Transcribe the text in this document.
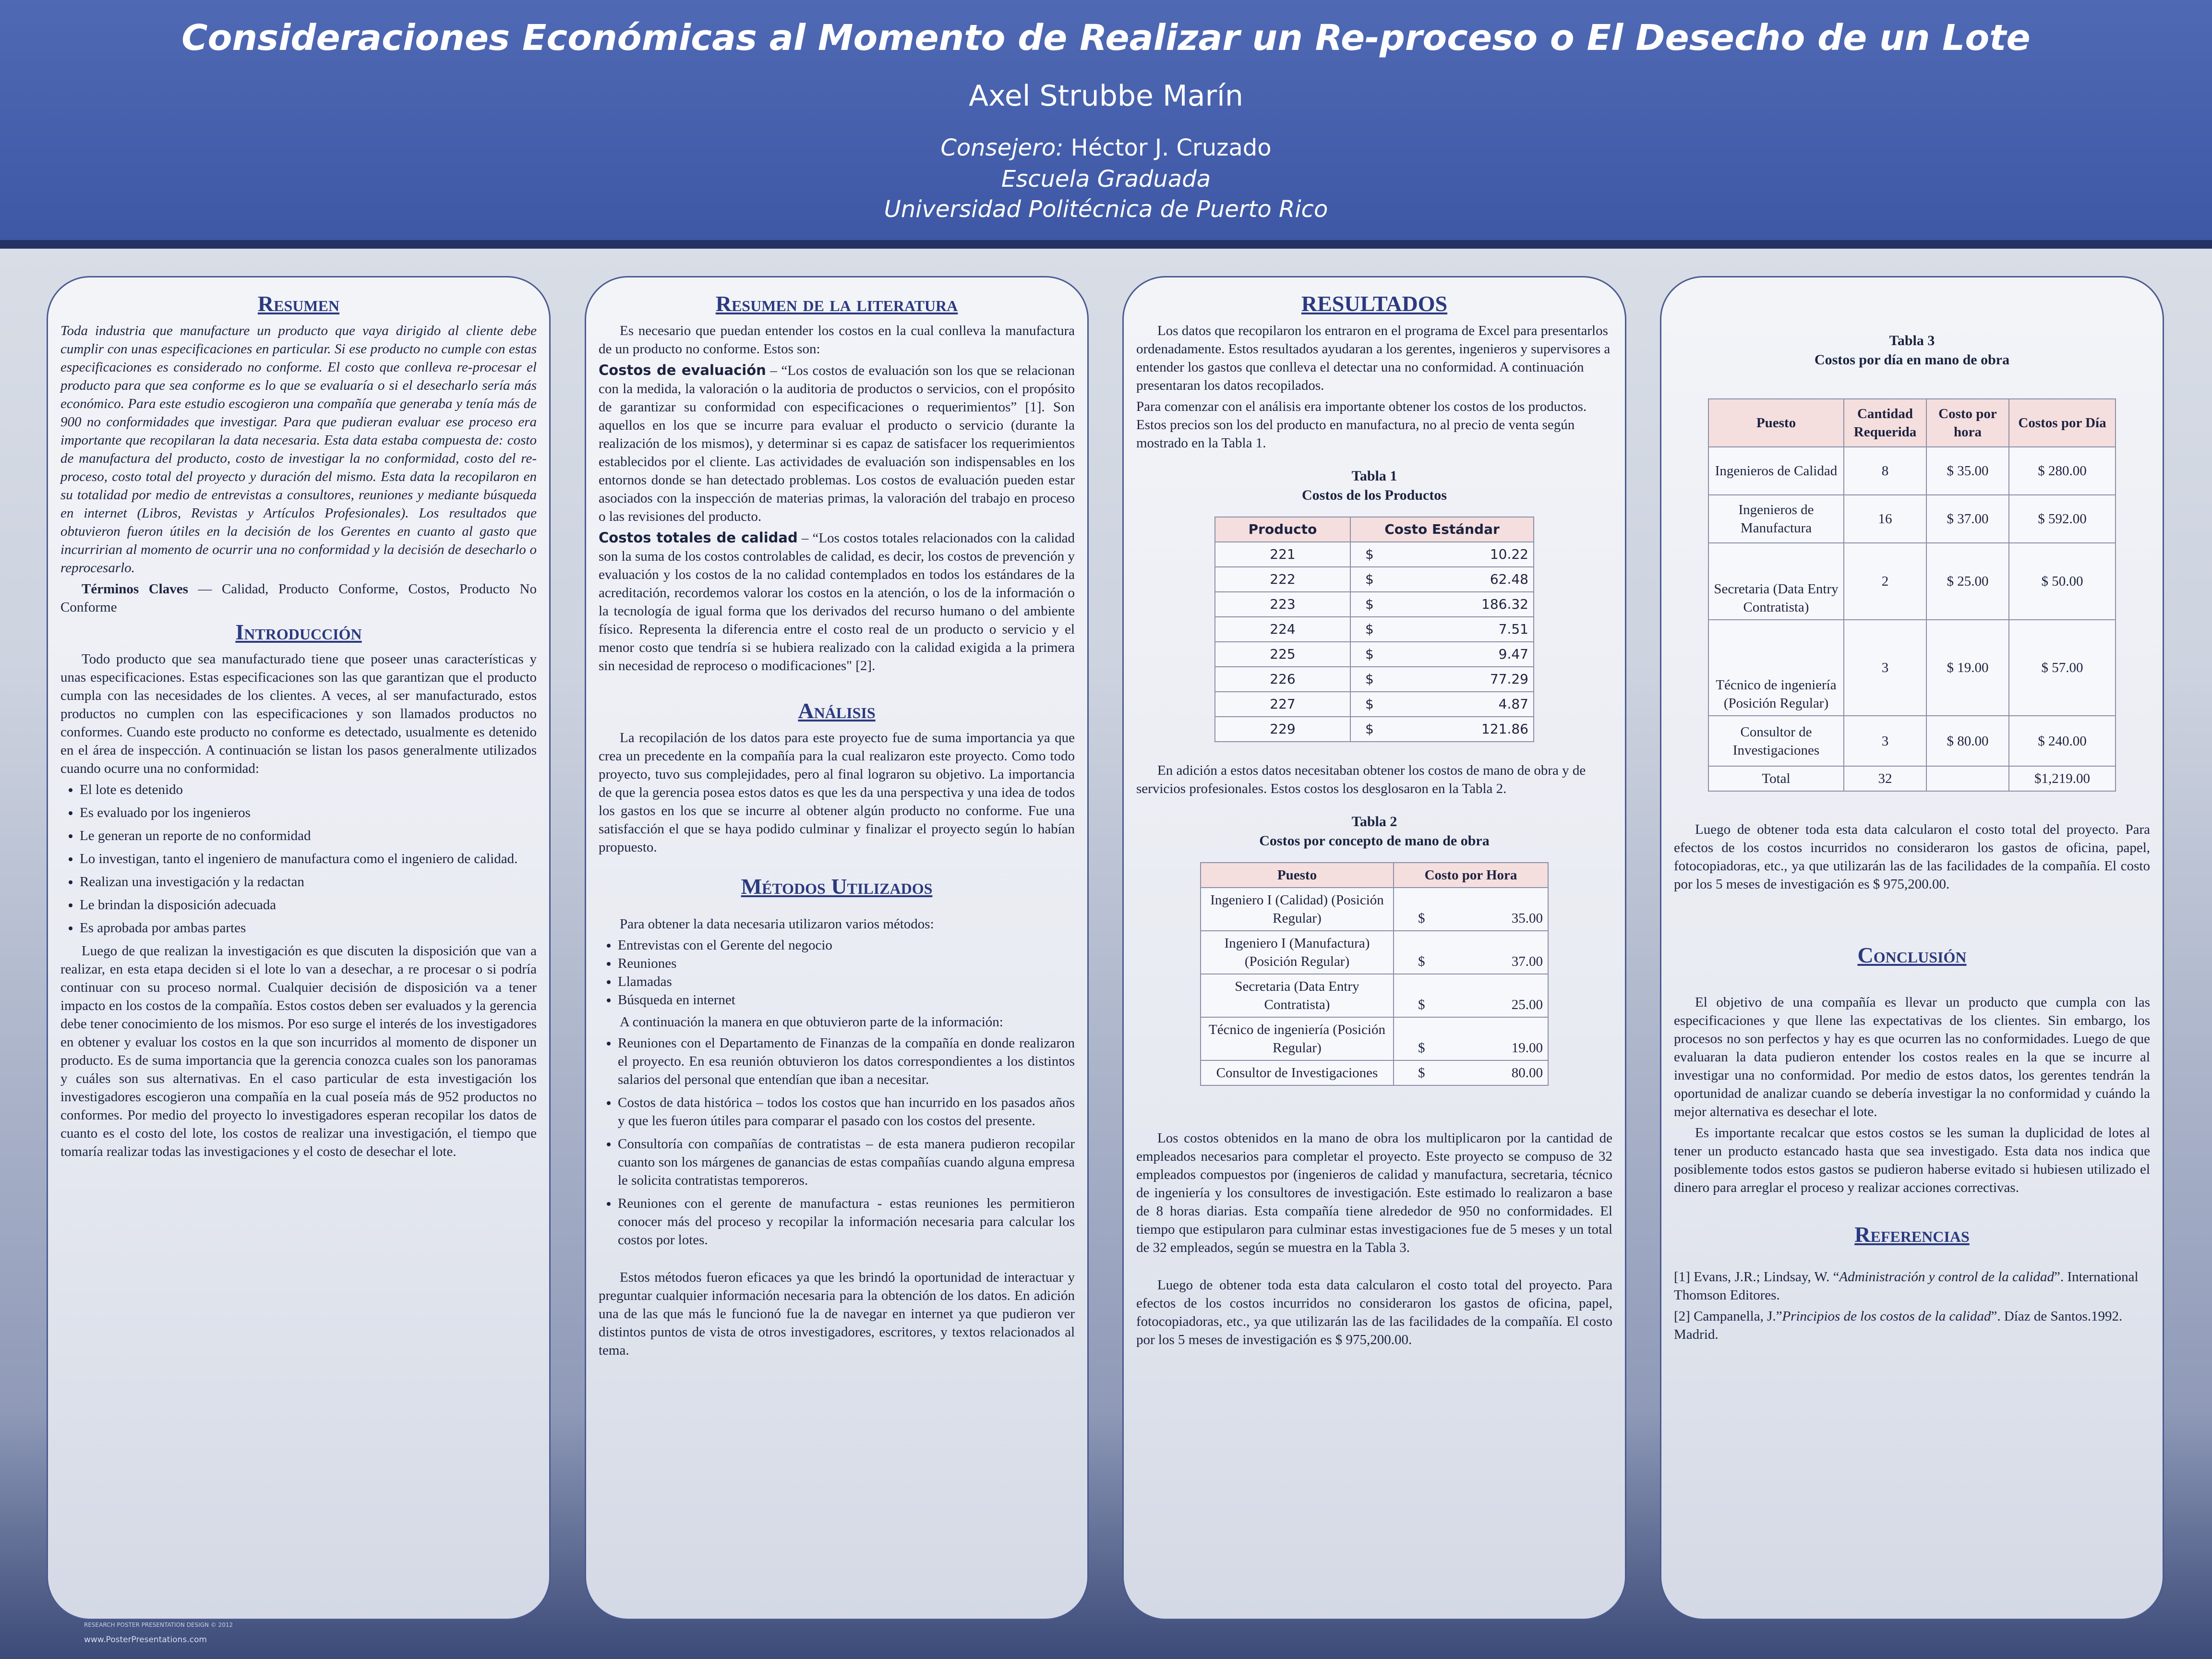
Consideraciones Económicas al Momento de Realizar un Re-proceso o El Desecho de un Lote
Axel Strubbe Marín
Consejero: Héctor J. Cruzado
Escuela Graduada
Universidad Politécnica de Puerto Rico
Resumen

Toda industria que manufacture un producto que vaya dirigido al cliente debe cumplir con unas especificaciones en particular. Si ese producto no cumple con estas especificaciones es considerado no conforme. El costo que conlleva re-procesar el producto para que sea conforme es lo que se evaluaría o si el desecharlo sería más económico. Para este estudio escogieron una compañía que generaba y tenía más de 900 no conformidades que investigar. Para que pudieran evaluar ese proceso era importante que recopilaran la data necesaria. Esta data estaba compuesta de: costo de manufactura del producto, costo de investigar la no conformidad, costo del re- proceso, costo total del proyecto y duración del mismo. Esta data la recopilaron en su totalidad por medio de entrevistas a consultores, reuniones y mediante búsqueda en internet (Libros, Revistas y Artículos Profesionales). Los resultados que obtuvieron fueron útiles en la decisión de los Gerentes en cuanto al gasto que incurririan al momento de ocurrir una no conformidad y la decisión de desecharlo o reprocesarlo.

Términos Claves — Calidad, Producto Conforme, Costos, Producto No Conforme

Introducción

Todo producto que sea manufacturado tiene que poseer unas características y unas especificaciones. Estas especificaciones son las que garantizan que el producto cumpla con las necesidades de los clientes. A veces, al ser manufacturado, estos productos no cumplen con las especificaciones y son llamados productos no conformes. Cuando este producto no conforme es detectado, usualmente es detenido en el área de inspección. A continuación se listan los pasos generalmente utilizados cuando ocurre una no conformidad:

• El lote es detenido
• Es evaluado por los ingenieros
• Le generan un reporte de no conformidad
• Lo investigan, tanto el ingeniero de manufactura como el ingeniero de calidad.
• Realizan una investigación y la redactan
• Le brindan la disposición adecuada
• Es aprobada por ambas partes

Luego de que realizan la investigación es que discuten la disposición que van a realizar, en esta etapa deciden si el lote lo van a desechar, a re procesar o si podría continuar con su proceso normal. Cualquier decisión de disposición va a tener impacto en los costos de la compañía. Estos costos deben ser evaluados y la gerencia debe tener conocimiento de los mismos. Por eso surge el interés de los investigadores en obtener y evaluar los costos en la que son incurridos al momento de disponer un producto. Es de suma importancia que la gerencia conozca cuales son los panoramas y cuáles son sus alternativas. En el caso particular de esta investigación los investigadores escogieron una compañía en la cual poseía más de 952 productos no conformes. Por medio del proyecto lo investigadores esperan recopilar los datos de cuanto es el costo del lote, los costos de realizar una investigación, el tiempo que tomaría realizar todas las investigaciones y el costo de desechar el lote.

Resumen de la literatura

Es necesario que puedan entender los costos en la cual conlleva la manufactura de un producto no conforme. Estos son:

Costos de evaluación – “Los costos de evaluación son los que se relacionan con la medida, la valoración o la auditoria de productos o servicios, con el propósito de garantizar su conformidad con especificaciones o requerimientos” [1]. Son aquellos en los que se incurre para evaluar el producto o servicio (durante la realización de los mismos), y determinar si es capaz de satisfacer los requerimientos establecidos por el cliente. Las actividades de evaluación son indispensables en los entornos donde se han detectado problemas. Los costos de evaluación pueden estar asociados con la inspección de materias primas, la valoración del trabajo en proceso o las revisiones del producto.

Costos totales de calidad – “Los costos totales relacionados con la calidad son la suma de los costos controlables de calidad, es decir, los costos de prevención y evaluación y los costos de la no calidad contemplados en todos los estándares de la acreditación, recordemos valorar los costos en la atención, o los de la información o la tecnología de igual forma que los derivados del recurso humano o del ambiente físico. Representa la diferencia entre el costo real de un producto o servicio y el menor costo que tendría si se hubiera realizado con la calidad exigida a la primera sin necesidad de reproceso o modificaciones" [2].

Análisis

La recopilación de los datos para este proyecto fue de suma importancia ya que crea un precedente en la compañía para la cual realizaron este proyecto. Como todo proyecto, tuvo sus complejidades, pero al final lograron su objetivo. La importancia de que la gerencia posea estos datos es que les da una perspectiva y una idea de todos los gastos en los que se incurre al obtener algún producto no conforme. Fue una satisfacción el que se haya podido culminar y finalizar el proyecto según lo habían propuesto.

Métodos Utilizados

Para obtener la data necesaria utilizaron varios métodos:

• Entrevistas con el Gerente del negocio
• Reuniones
• Llamadas
• Búsqueda en internet

A continuación la manera en que obtuvieron parte de la información:

• Reuniones con el Departamento de Finanzas de la compañía en donde realizaron el proyecto. En esa reunión obtuvieron los datos correspondientes a los distintos salarios del personal que entendían que iban a necesitar.
• Costos de data histórica – todos los costos que han incurrido en los pasados años y que les fueron útiles para comparar el pasado con los costos del presente.
• Consultoría con compañías de contratistas – de esta manera pudieron recopilar cuanto son los márgenes de ganancias de estas compañías cuando alguna empresa le solicita contratistas temporeros.
• Reuniones con el gerente de manufactura - estas reuniones les permitieron conocer más del proceso y recopilar la información necesaria para calcular los costos por lotes.

Estos métodos fueron eficaces ya que les brindó la oportunidad de interactuar y preguntar cualquier información necesaria para la obtención de los datos. En adición una de las que más le funcionó fue la de navegar en internet ya que pudieron ver distintos puntos de vista de otros investigadores, escritores, y textos relacionados al tema.

RESULTADOS

Los datos que recopilaron los entraron en el programa de Excel para presentarlos ordenadamente. Estos resultados ayudaran a los gerentes, ingenieros y supervisores a entender los gastos que conlleva el detectar una no conformidad. A continuación presentaran los datos recopilados.

Para comenzar con el análisis era importante obtener los costos de los productos. Estos precios son los del producto en manufactura, no al precio de venta según mostrado en la Tabla 1.

Tabla 1
Costos de los Productos
Producto	Costo Estándar
221	$ 10.22

222	$ 62.48

223	$ 186.32

224	$ 7.51

225	$ 9.47

226	$ 77.29

227	$ 4.87

229	$ 121.86

En adición a estos datos necesitaban obtener los costos de mano de obra y de servicios profesionales. Estos costos los desglosaron en la Tabla 2.

Tabla 2
Costos por concepto de mano de obra
Puesto	Costo por Hora
Ingeniero I (Calidad) (Posición Regular)	$ 35.00

Ingeniero I (Manufactura) (Posición Regular)	$ 37.00

Secretaria (Data Entry Contratista)	$ 25.00

Técnico de ingeniería (Posición Regular)	$ 19.00

Consultor de Investigaciones	$ 80.00

Los costos obtenidos en la mano de obra los multiplicaron por la cantidad de empleados necesarios para completar el proyecto. Este proyecto se compuso de 32 empleados compuestos por (ingenieros de calidad y manufactura, secretaria, técnico de ingeniería y los consultores de investigación. Este estimado lo realizaron a base de 8 horas diarias. Esta compañía tiene alrededor de 950 no conformidades. El tiempo que estipularon para culminar estas investigaciones fue de 5 meses y un total de 32 empleados, según se muestra en la Tabla 3.

Luego de obtener toda esta data calcularon el costo total del proyecto. Para efectos de los costos incurridos no consideraron los gastos de oficina, papel, fotocopiadoras, etc., ya que utilizarán las de las facilidades de la compañía. El costo por los 5 meses de investigación es $ 975,200.00.

Tabla 3
Costos por día en mano de obra
Puesto	Cantidad Requerida	Costo por hora	Costos por Día
Ingenieros de Calidad	8	$ 35.00	$ 280.00
Ingenieros de Manufactura	16	$ 37.00	$ 592.00
Secretaria (Data Entry Contratista)	2	$ 25.00	$ 50.00
Técnico de ingeniería (Posición Regular)	3	$ 19.00	$ 57.00
Consultor de Investigaciones	3	$ 80.00	$ 240.00
Total	32		$1,219.00

Luego de obtener toda esta data calcularon el costo total del proyecto. Para efectos de los costos incurridos no consideraron los gastos de oficina, papel, fotocopiadoras, etc., ya que utilizarán las de las facilidades de la compañía. El costo por los 5 meses de investigación es $ 975,200.00.

Conclusión

El objetivo de una compañía es llevar un producto que cumpla con las especificaciones y que llene las expectativas de los clientes. Sin embargo, los procesos no son perfectos y hay es que ocurren las no conformidades. Luego de que evaluaran la data pudieron entender los costos reales en la que se incurre al investigar una no conformidad. Por medio de estos datos, los gerentes tendrán la oportunidad de analizar cuando se debería investigar la no conformidad y cuándo la mejor alternativa es desechar el lote.

Es importante recalcar que estos costos se les suman la duplicidad de lotes al tener un producto estancado hasta que sea investigado. Esta data nos indica que posiblemente todos estos gastos se pudieron haberse evitado si hubiesen utilizado el dinero para arreglar el proceso y realizar acciones correctivas.

Referencias

[1] Evans, J.R.; Lindsay, W. “Administración y control de la calidad”. International Thomson Editores.

[2] Campanella, J.”Principios de los costos de la calidad”. Díaz de Santos.1992. Madrid.

RESEARCH POSTER PRESENTATION DESIGN © 2012
www.PosterPresentations.com
